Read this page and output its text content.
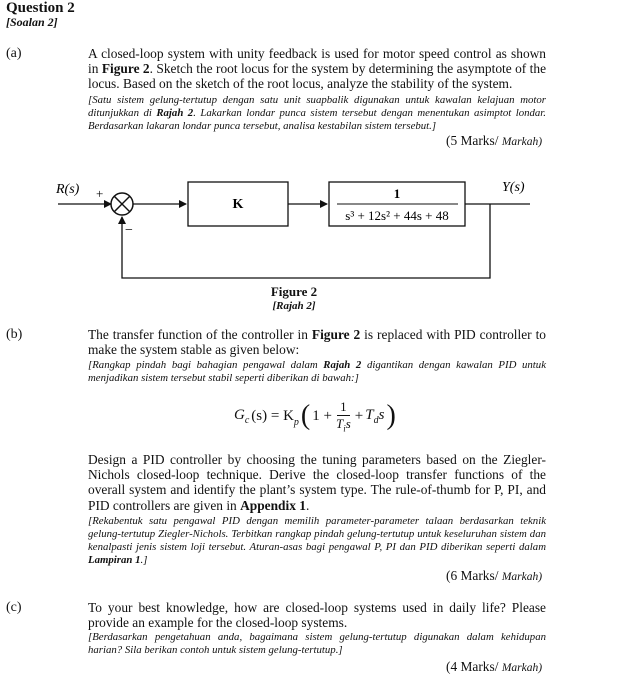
Question 2
[Soalan 2]
(a)	A closed-loop system with unity feedback is used for motor speed control as shown in Figure 2. Sketch the root locus for the system by determining the asymptote of the locus. Based on the sketch of the root locus, analyze the stability of the system.
[Satu sistem gelung-tertutup dengan satu unit suapbalik digunakan untuk kawalan kelajuan motor ditunjukkan di Rajah 2. Lakarkan londar punca sistem tersebut dengan menentukan asimptot londar. Berdasarkan lakaran londar punca tersebut, analisa kestabilan sistem tersebut.]
(5 Marks/ Markah)
R(s) +
−
K
1
s³ + 12s² + 44s + 48
Y(s)
Figure 2
[Rajah 2]
(b)	The transfer function of the controller in Figure 2 is replaced with PID controller to make the system stable as given below:
[Rangkap pindah bagi bahagian pengawal dalam Rajah 2 digantikan dengan kawalan PID untuk menjadikan sistem tersebut stabil seperti diberikan di bawah:]
$G_c$ $(s) = K_p$ ( 1 +
1
$T_is + T_ds$ )
Design a PID controller by choosing the tuning parameters based on the Ziegler-Nichols closed-loop technique. Derive the closed-loop transfer functions of the overall system and identify the plant’s system type. The rule-of-thumb for P, PI, and PID controllers are given in Appendix 1.
[Rekabentuk satu pengawal PID dengan memilih parameter-parameter talaan berdasarkan teknik gelung-tertutup Ziegler-Nichols. Terbitkan rangkap pindah gelung-tertutup untuk keseluruhan sistem dan kenalpasti jenis sistem loji tersebut. Aturan-asas bagi pengawal P, PI dan PID diberikan seperti dalam Lampiran 1.]
(6 Marks/ Markah)
(c)	To your best knowledge, how are closed-loop systems used in daily life? Please provide an example for the closed-loop systems.
[Berdasarkan pengetahuan anda, bagaimana sistem gelung-tertutup digunakan dalam kehidupan harian? Sila berikan contoh untuk sistem gelung-tertutup.]
(4 Marks/ Markah)
